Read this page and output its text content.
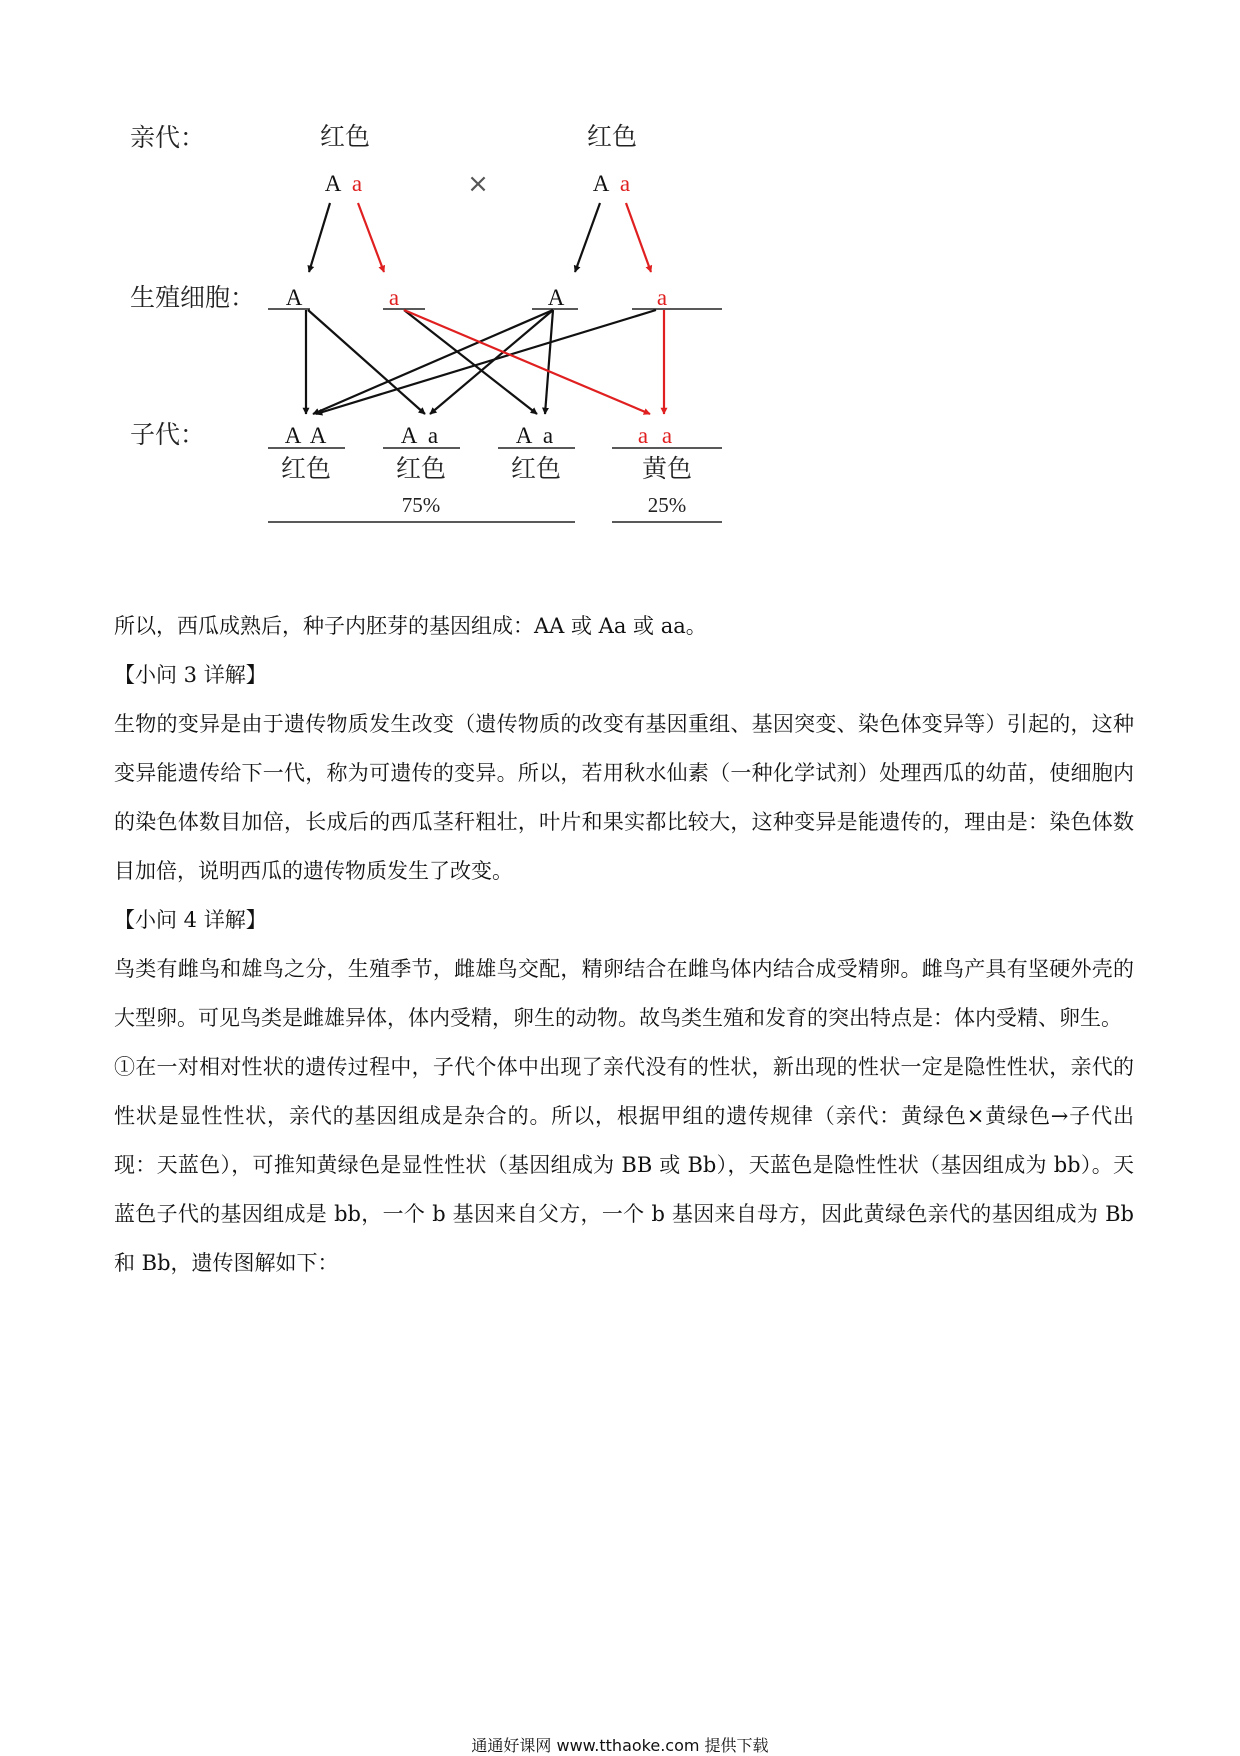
亲代：
生殖细胞：
子代：
红色	红色
A a	A a
×
A	a	A	a
A A	A a	A a	a a
红色	红色	红色	黄色
75%	25%

所以，西瓜成熟后，种子内胚芽的基因组成：AA 或 Aa 或 aa。

【小问 3 详解】

生物的变异是由于遗传物质发生改变（遗传物质的改变有基因重组、基因突变、染色体变异等）引起的，这种变异能遗传给下一代，称为可遗传的变异。所以，若用秋水仙素（一种化学试剂）处理西瓜的幼苗，使细胞内的染色体数目加倍，长成后的西瓜茎秆粗壮，叶片和果实都比较大，这种变异是能遗传的，理由是：染色体数目加倍，说明西瓜的遗传物质发生了改变。

【小问 4 详解】

鸟类有雌鸟和雄鸟之分，生殖季节，雌雄鸟交配，精卵结合在雌鸟体内结合成受精卵。雌鸟产具有坚硬外壳的大型卵。可见鸟类是雌雄异体，体内受精，卵生的动物。故鸟类生殖和发育的突出特点是：体内受精、卵生。

①在一对相对性状的遗传过程中，子代个体中出现了亲代没有的性状，新出现的性状一定是隐性性状，亲代的性状是显性性状，亲代的基因组成是杂合的。所以，根据甲组的遗传规律（亲代：黄绿色×黄绿色→子代出现：天蓝色），可推知黄绿色是显性性状（基因组成为 BB 或 Bb），天蓝色是隐性性状（基因组成为 bb）。天蓝色子代的基因组成是 bb，一个 b 基因来自父方，一个 b 基因来自母方，因此黄绿色亲代的基因组成为 Bb 和 Bb，遗传图解如下：

通通好课网 www.tthaoke.com 提供下载
